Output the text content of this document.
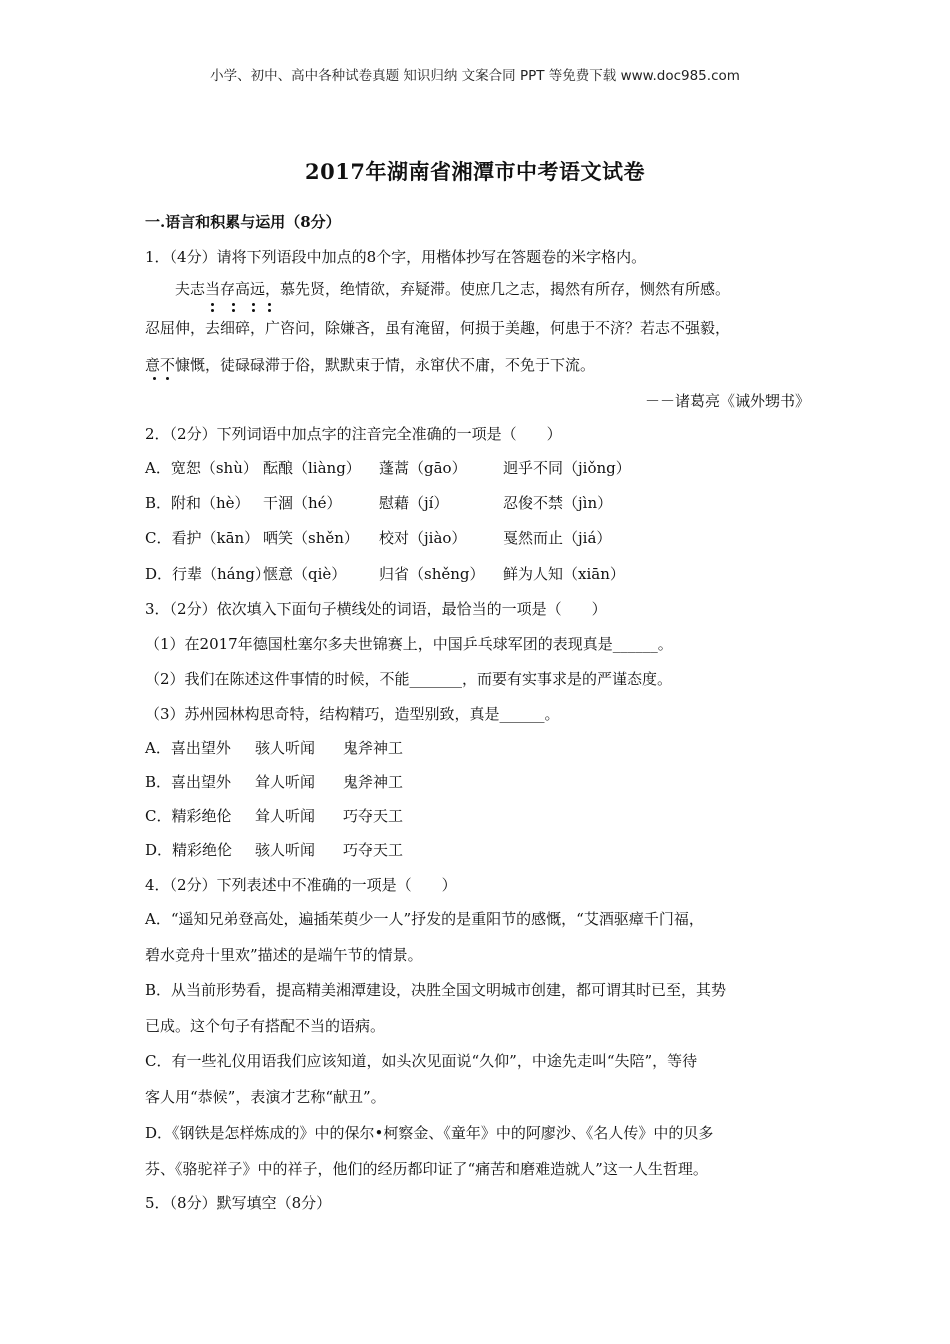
小学、初中、高中各种试卷真题 知识归纳 文案合同 PPT 等免费下载 www.doc985.com
2017年湖南省湘潭市中考语文试卷
一.语言和积累与运用（8分）
1．（4分）请将下列语段中加点的8个字，用楷体抄写在答题卷的米字格内。
夫志当存高远，慕先贤，绝情欲，弃疑滞。使庶几之志，揭然有所存，恻然有所感。
忍屈伸，去细碎，广咨问，除嫌吝，虽有淹留，何损于美趣，何患于不济？若志不强毅，
意不慷慨，徒碌碌滞于俗，默默束于情，永窜伏不庸，不免于下流。
－－诸葛亮《诫外甥书》
2．（2分）下列词语中加点字的注音完全准确的一项是（　　）
A．宽恕（shù） 酝酿（liàng） 蓬蒿（gāo） 迥乎不同（jiǒng）
B．附和（hè） 干涸（hé） 慰藉（jí）	忍俊不禁（jìn）
C．看护（kān） 哂笑（shěn） 校对（jiào） 戛然而止（jiá）
D．行辈（háng）惬意（qiè） 归省（shěng） 鲜为人知（xiān）
3．（2分）依次填入下面句子横线处的词语，最恰当的一项是（　　）
（1）在2017年德国杜塞尔多夫世锦赛上，中国乒乓球军团的表现真是______。
（2）我们在陈述这件事情的时候，不能_______，而要有实事求是的严谨态度。
（3）苏州园林构思奇特，结构精巧，造型别致，真是______。
A．喜出望外 骇人听闻 鬼斧神工
B．喜出望外 耸人听闻 鬼斧神工
C．精彩绝伦 耸人听闻 巧夺天工
D．精彩绝伦 骇人听闻 巧夺天工
4．（2分）下列表述中不准确的一项是（　　）
A．“遥知兄弟登高处，遍插茱萸少一人”抒发的是重阳节的感慨，“艾酒驱瘴千门福，
碧水竞舟十里欢”描述的是端午节的情景。
B．从当前形势看，提高精美湘潭建设，决胜全国文明城市创建，都可谓其时已至，其势
已成。这个句子有搭配不当的语病。
C．有一些礼仪用语我们应该知道，如头次见面说“久仰”，中途先走叫“失陪”，等待
客人用“恭候”，表演才艺称“献丑”。
D．《钢铁是怎样炼成的》中的保尔•柯察金、《童年》中的阿廖沙、《名人传》中的贝多
芬、《骆驼祥子》中的祥子，他们的经历都印证了“痛苦和磨难造就人”这一人生哲理。
5．（8分）默写填空（8分）
